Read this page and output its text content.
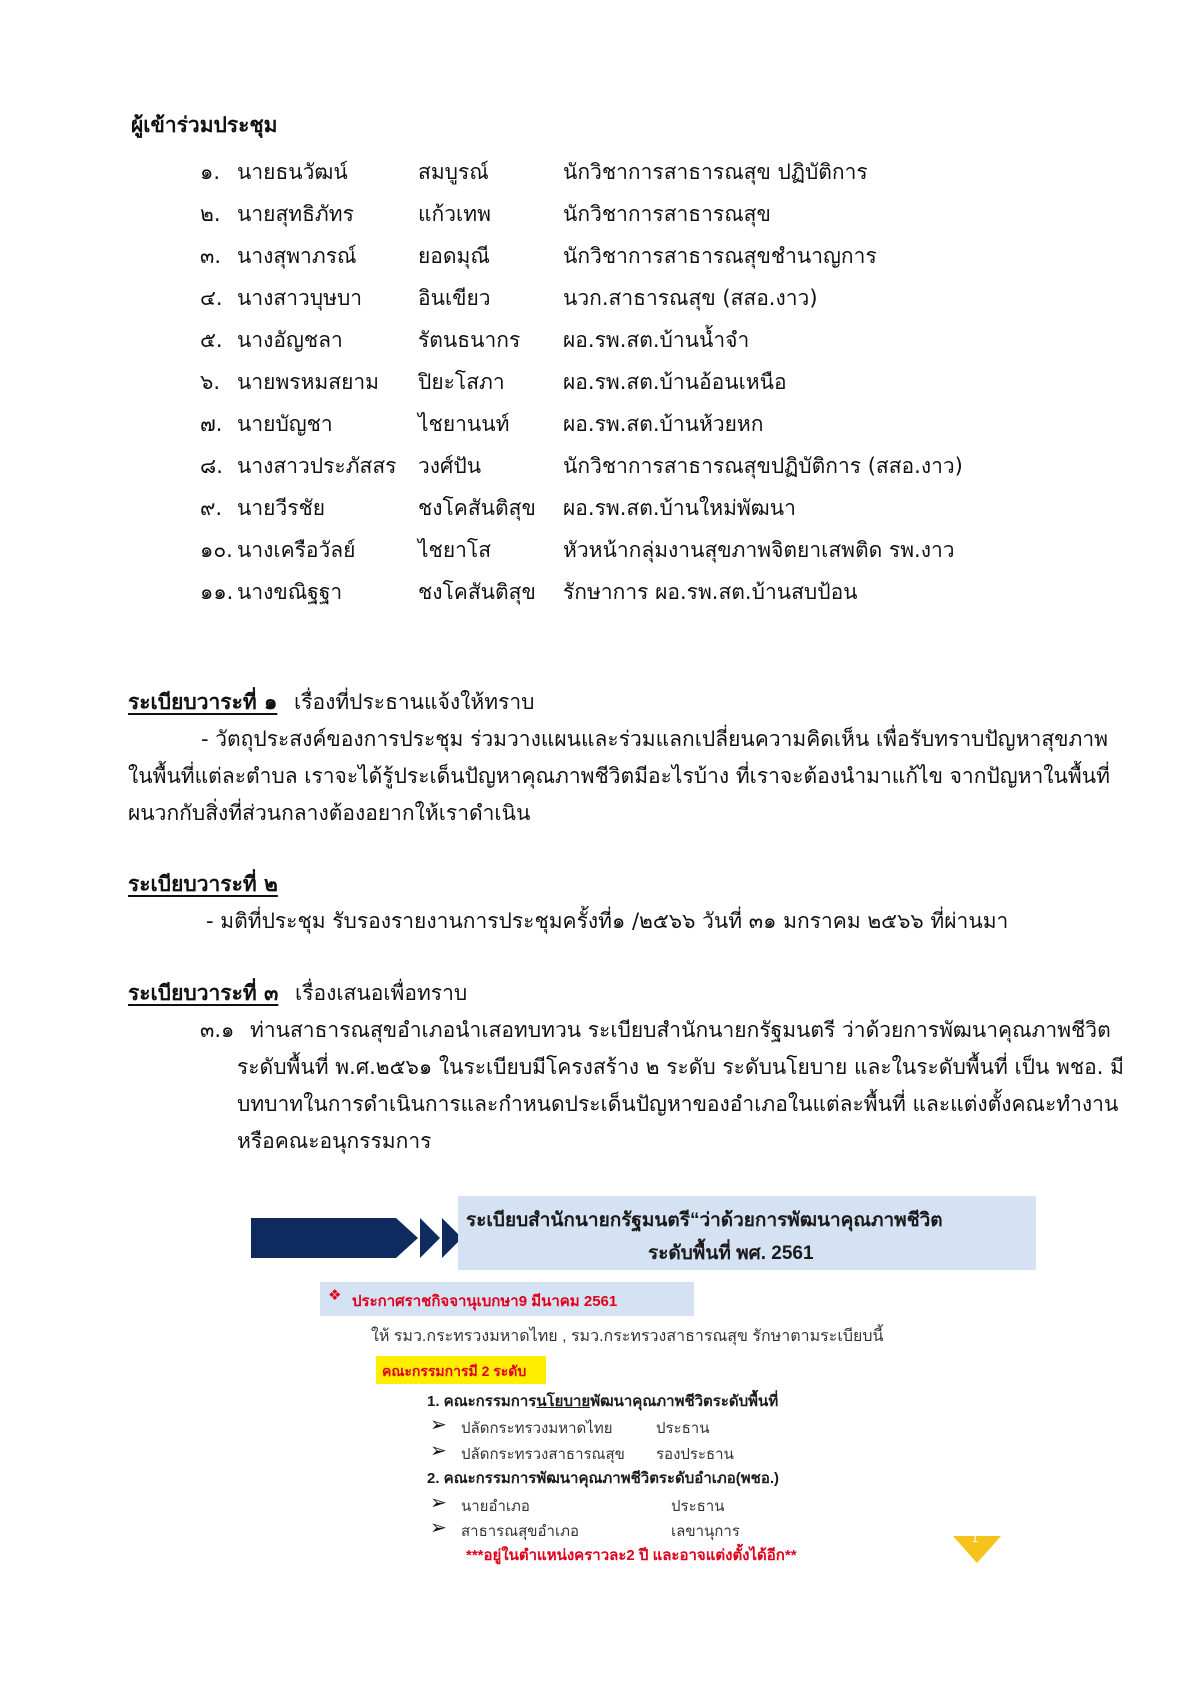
ผู้เข้าร่วมประชุม
๑. นายธนวัฒน์	สมบูรณ์	นักวิชาการสาธารณสุข ปฏิบัติการ
๒. นายสุทธิภัทร	แก้วเทพ	นักวิชาการสาธารณสุข
๓. นางสุพาภรณ์	ยอดมุณี	นักวิชาการสาธารณสุขชำนาญการ
๔. นางสาวบุษบา	อินเขียว	นวก.สาธารณสุข (สสอ.งาว)
๕. นางอัญชลา	รัตนธนากร ผอ.รพ.สต.บ้านน้ำจำ
๖. นายพรหมสยาม ปิยะโสภา	ผอ.รพ.สต.บ้านอ้อนเหนือ
๗. นายบัญชา	ไชยานนท์	ผอ.รพ.สต.บ้านห้วยหก
๘. นางสาวประภัสสร วงศ์ปัน	นักวิชาการสาธารณสุขปฏิบัติการ (สสอ.งาว)
๙. นายวีรชัย	ชงโคสันติสุข ผอ.รพ.สต.บ้านใหม่พัฒนา
๑๐. นางเครือวัลย์	ไชยาโส	หัวหน้ากลุ่มงานสุขภาพจิตยาเสพติด รพ.งาว
๑๑. นางขณิฐฐา	ชงโคสันติสุข รักษาการ ผอ.รพ.สต.บ้านสบป้อน
ระเบียบวาระที่ ๑ เรื่องที่ประธานแจ้งให้ทราบ
- วัตถุประสงค์ของการประชุม ร่วมวางแผนและร่วมแลกเปลี่ยนความคิดเห็น เพื่อรับทราบปัญหาสุขภาพ
ในพื้นที่แต่ละตำบล เราจะได้รู้ประเด็นปัญหาคุณภาพชีวิตมีอะไรบ้าง ที่เราจะต้องนำมาแก้ไข จากปัญหาในพื้นที่
ผนวกกับสิ่งที่ส่วนกลางต้องอยากให้เราดำเนิน
ระเบียบวาระที่ ๒
- มติที่ประชุม รับรองรายงานการประชุมครั้งที่๑ /๒๕๖๖ วันที่ ๓๑ มกราคม ๒๕๖๖ ที่ผ่านมา
ระเบียบวาระที่ ๓ เรื่องเสนอเพื่อทราบ
๓.๑ ท่านสาธารณสุขอำเภอนำเสอทบทวน ระเบียบสำนักนายกรัฐมนตรี ว่าด้วยการพัฒนาคุณภาพชีวิต
ระดับพื้นที่ พ.ศ.๒๕๖๑ ในระเบียบมีโครงสร้าง ๒ ระดับ ระดับนโยบาย และในระดับพื้นที่ เป็น พชอ. มี
บทบาทในการดำเนินการและกำหนดประเด็นปัญหาของอำเภอในแต่ละพื้นที่ และแต่งตั้งคณะทำงาน
หรือคณะอนุกรรมการ
ระเบียบสำนักนายกรัฐมนตรี“ว่าด้วยการพัฒนาคุณภาพชีวิต
ระดับพื้นที่ พศ. 2561
❖ ประกาศราชกิจจานุเบกษา9 มีนาคม 2561
ให้ รมว.กระทรวงมหาดไทย , รมว.กระทรวงสาธารณสุข รักษาตามระเบียบนี้
คณะกรรมการมี 2 ระดับ
1. คณะกรรมการนโยบายพัฒนาคุณภาพชีวิตระดับพื้นที่
➢ ปลัดกระทรวงมหาดไทย	ประธาน
➢ ปลัดกระทรวงสาธารณสุข รองประธาน
2. คณะกรรมการพัฒนาคุณภาพชีวิตระดับอำเภอ(พชอ.)
➢ นายอำเภอ	ประธาน
➢ สาธารณสุขอำเภอ	เลขานุการ
***อยู่ในตำแหน่งคราวละ2 ปี และอาจแต่งตั้งได้อีก**
1
